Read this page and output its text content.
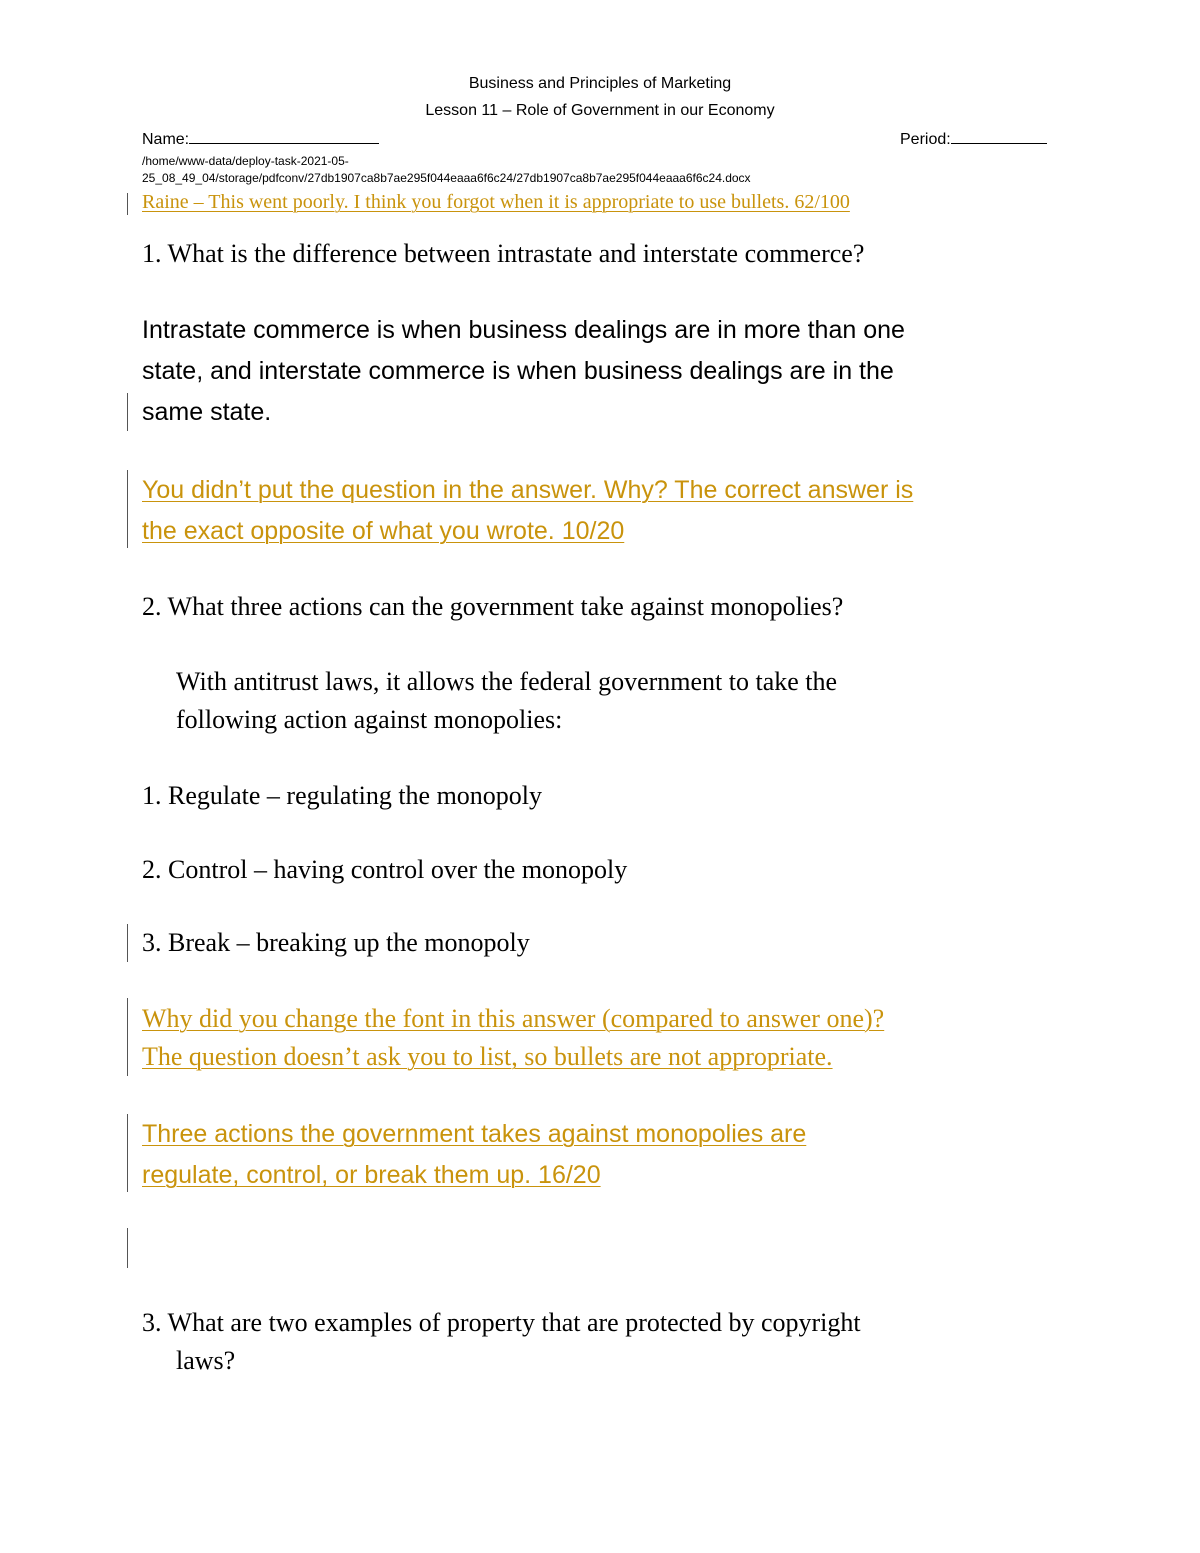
Business and Principles of Marketing
Lesson 11 – Role of Government in our Economy
Name:	Period:
/home/www-data/deploy-task-2021-05-
25_08_49_04/storage/pdfconv/27db1907ca8b7ae295f044eaaa6f6c24/27db1907ca8b7ae295f044eaaa6f6c24.docx
Raine – This went poorly. I think you forgot when it is appropriate to use bullets. 62/100
1. What is the difference between intrastate and interstate commerce?
Intrastate commerce is when business dealings are in more than one
state, and interstate commerce is when business dealings are in the
same state.
You didn’t put the question in the answer. Why? The correct answer is
the exact opposite of what you wrote. 10/20
2. What three actions can the government take against monopolies?
With antitrust laws, it allows the federal government to take the
following action against monopolies:
1. Regulate – regulating the monopoly
2. Control – having control over the monopoly
3. Break – breaking up the monopoly
Why did you change the font in this answer (compared to answer one)?
The question doesn’t ask you to list, so bullets are not appropriate.
Three actions the government takes against monopolies are
regulate, control, or break them up. 16/20
3. What are two examples of property that are protected by copyright
laws?
